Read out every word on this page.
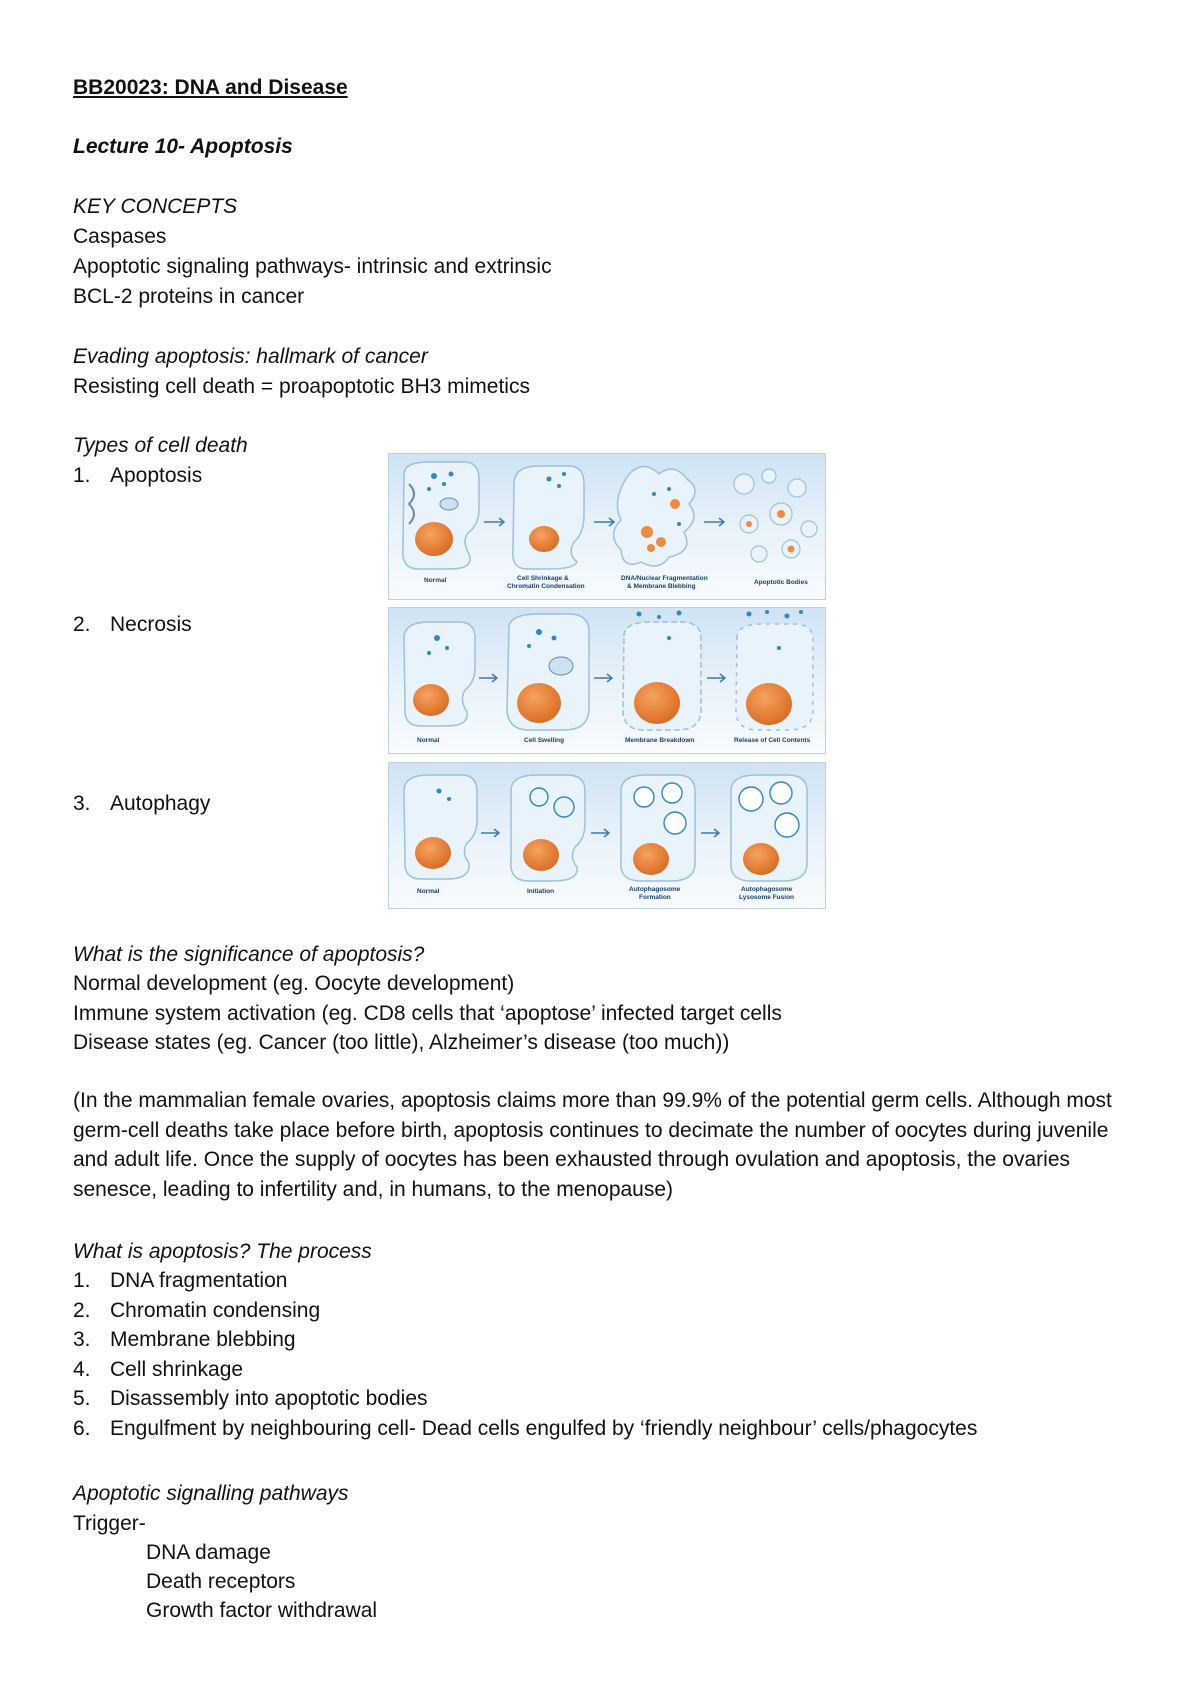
BB20023: DNA and Disease
Lecture 10- Apoptosis
KEY CONCEPTS
Caspases
Apoptotic signaling pathways- intrinsic and extrinsic
BCL-2 proteins in cancer
Evading apoptosis: hallmark of cancer
Resisting cell death = proapoptotic BH3 mimetics
Types of cell death
1. Apoptosis
2. Necrosis
3. Autophagy
Normal	Cell Shrinkage &
Chromatin Condensation
DNA/Nuclear Fragmentation
& Membrane Blebbing
Apoptotic Bodies
Normal	Cell Swelling	Membrane Breakdown	Release of Cell Contents
Normal	Initiation	Autophagosome
Formation
Autophagosome
Lysosome Fusion
What is the significance of apoptosis?
Normal development (eg. Oocyte development)
Immune system activation (eg. CD8 cells that ‘apoptose’ infected target cells
Disease states (eg. Cancer (too little), Alzheimer’s disease (too much))
(In the mammalian female ovaries, apoptosis claims more than 99.9% of the potential germ cells. Although most germ-cell deaths take place before birth, apoptosis continues to decimate the number of oocytes during juvenile and adult life. Once the supply of oocytes has been exhausted through ovulation and apoptosis, the ovaries senesce, leading to infertility and, in humans, to the menopause)
What is apoptosis? The process
1. DNA fragmentation
2. Chromatin condensing
3. Membrane blebbing
4. Cell shrinkage
5. Disassembly into apoptotic bodies
6. Engulfment by neighbouring cell- Dead cells engulfed by ‘friendly neighbour’ cells/phagocytes
Apoptotic signalling pathways
Trigger-
DNA damage
Death receptors
Growth factor withdrawal
